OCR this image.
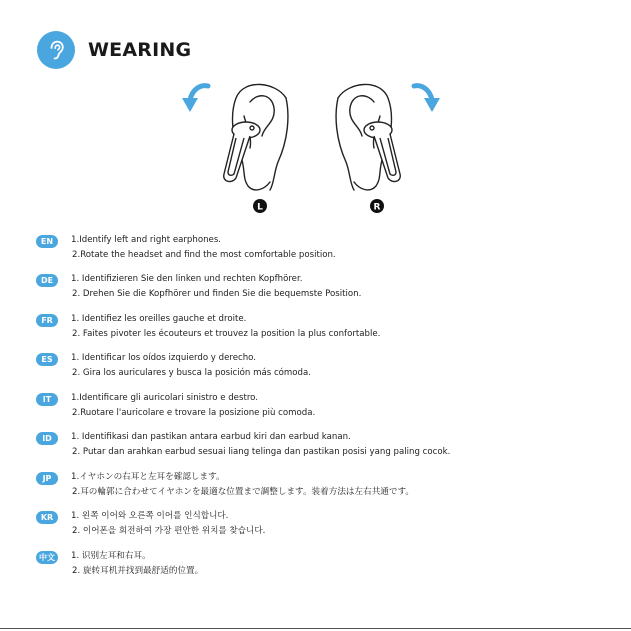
WEARING
L	R
EN	1.Identify left and right earphones.
2.Rotate the headset and find the most comfortable position.
DE	1. Identifizieren Sie den linken und rechten Kopfhörer.
2. Drehen Sie die Kopfhörer und finden Sie die bequemste Position.
FR	1. Identifiez les oreilles gauche et droite.
2. Faites pivoter les écouteurs et trouvez la position la plus confortable.
ES	1. Identificar los oídos izquierdo y derecho.
2. Gira los auriculares y busca la posición más cómoda.
IT	1.Identificare gli auricolari sinistro e destro.
2.Ruotare l'auricolare e trovare la posizione più comoda.
ID	1. Identifikasi dan pastikan antara earbud kiri dan earbud kanan.
2. Putar dan arahkan earbud sesuai liang telinga dan pastikan posisi yang paling cocok.
JP	1.イヤホンの右耳と左耳を確認します。
2.耳の輪郭に合わせてイヤホンを最適な位置まで調整します。装着方法は左右共通です。
KR	1. 왼쪽 이어와 오른쪽 이어를 인식합니다.
2. 이어폰을 회전하여 가장 편안한 위치를 찾습니다.
中文	1. 识别左耳和右耳。
2. 旋转耳机并找到最舒适的位置。
